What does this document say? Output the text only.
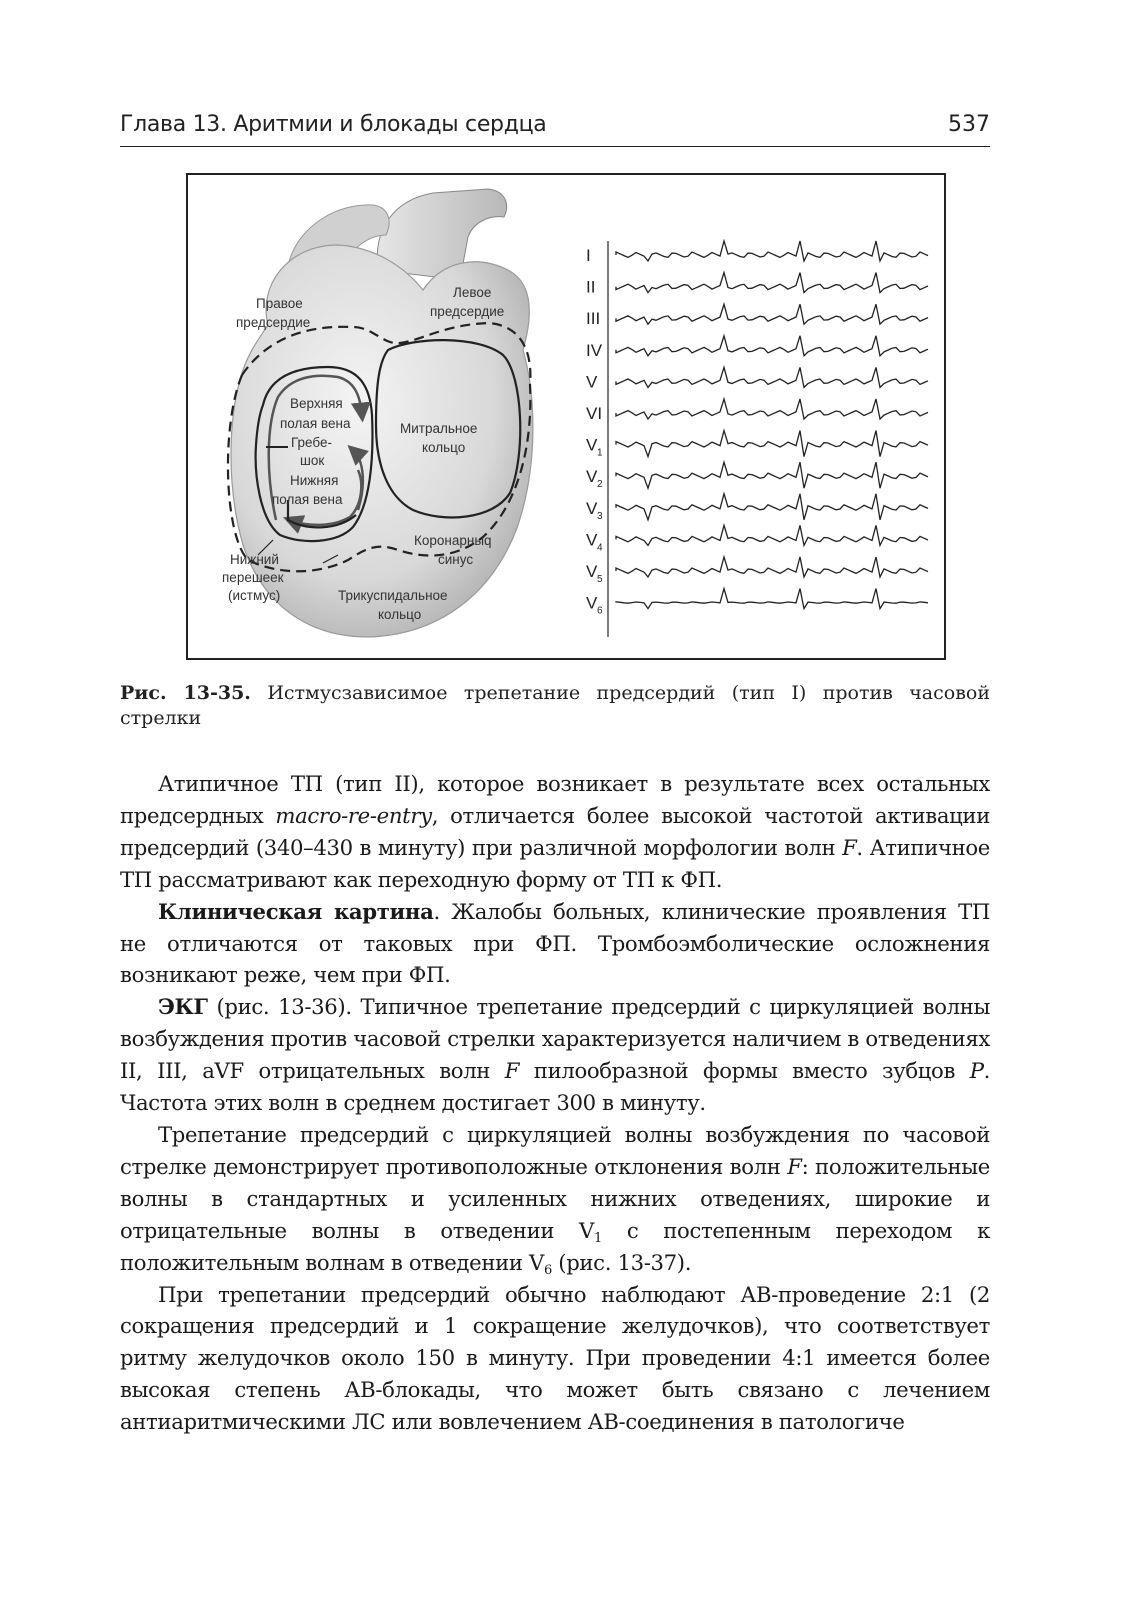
Глава 13. Аритмии и блокады сердца	537
Правое
предсердие
Левое
предсердие
Верхняя
полая вена
Гребе-
шок
Нижняя
полая вена
Митральное
кольцо
Нижний
перешеек
(истмус)
Коронарныq
синус
Трикуспидальное
кольцо
I
II
III
IV
V
VI
V 1
V 2
V 3
V 4
V 5
V 6

Рис. 13-35. Истмусзависимое трепетание предсердий (тип I) против часовой стрелки

Атипичное ТП (тип II), которое возникает в результате всех остальных предсердных macro-re-entry, отличается более высокой частотой активации предсердий (340–430 в минуту) при различной морфологии волн F. Атипичное ТП рассматривают как переходную форму от ТП к ФП.

Клиническая картина. Жалобы больных, клинические проявления ТП не отличаются от таковых при ФП. Тромбоэмболические осложнения возникают реже, чем при ФП.

ЭКГ (рис. 13-36). Типичное трепетание предсердий с циркуляцией волны возбуждения против часовой стрелки характеризуется наличием в отведениях II, III, aVF отрицательных волн F пилообразной формы вместо зубцов P. Частота этих волн в среднем достигает 300 в минуту.

Трепетание предсердий с циркуляцией волны возбуждения по часовой стрелке демонстрирует противоположные отклонения волн F: положительные волны в стандартных и усиленных нижних отведениях, широкие и отрицательные волны в отведении $V_1$ с постепенным переходом к положительным волнам в отведении $V_6$ (рис. 13-37).

При трепетании предсердий обычно наблюдают АВ-проведение 2:1 (2 сокращения предсердий и 1 сокращение желудочков), что соответствует ритму желудочков около 150 в минуту. При проведении 4:1 имеется более высокая степень АВ-блокады, что может быть связано с лечением антиаритмическими ЛС или вовлечением АВ-соединения в патологиче
